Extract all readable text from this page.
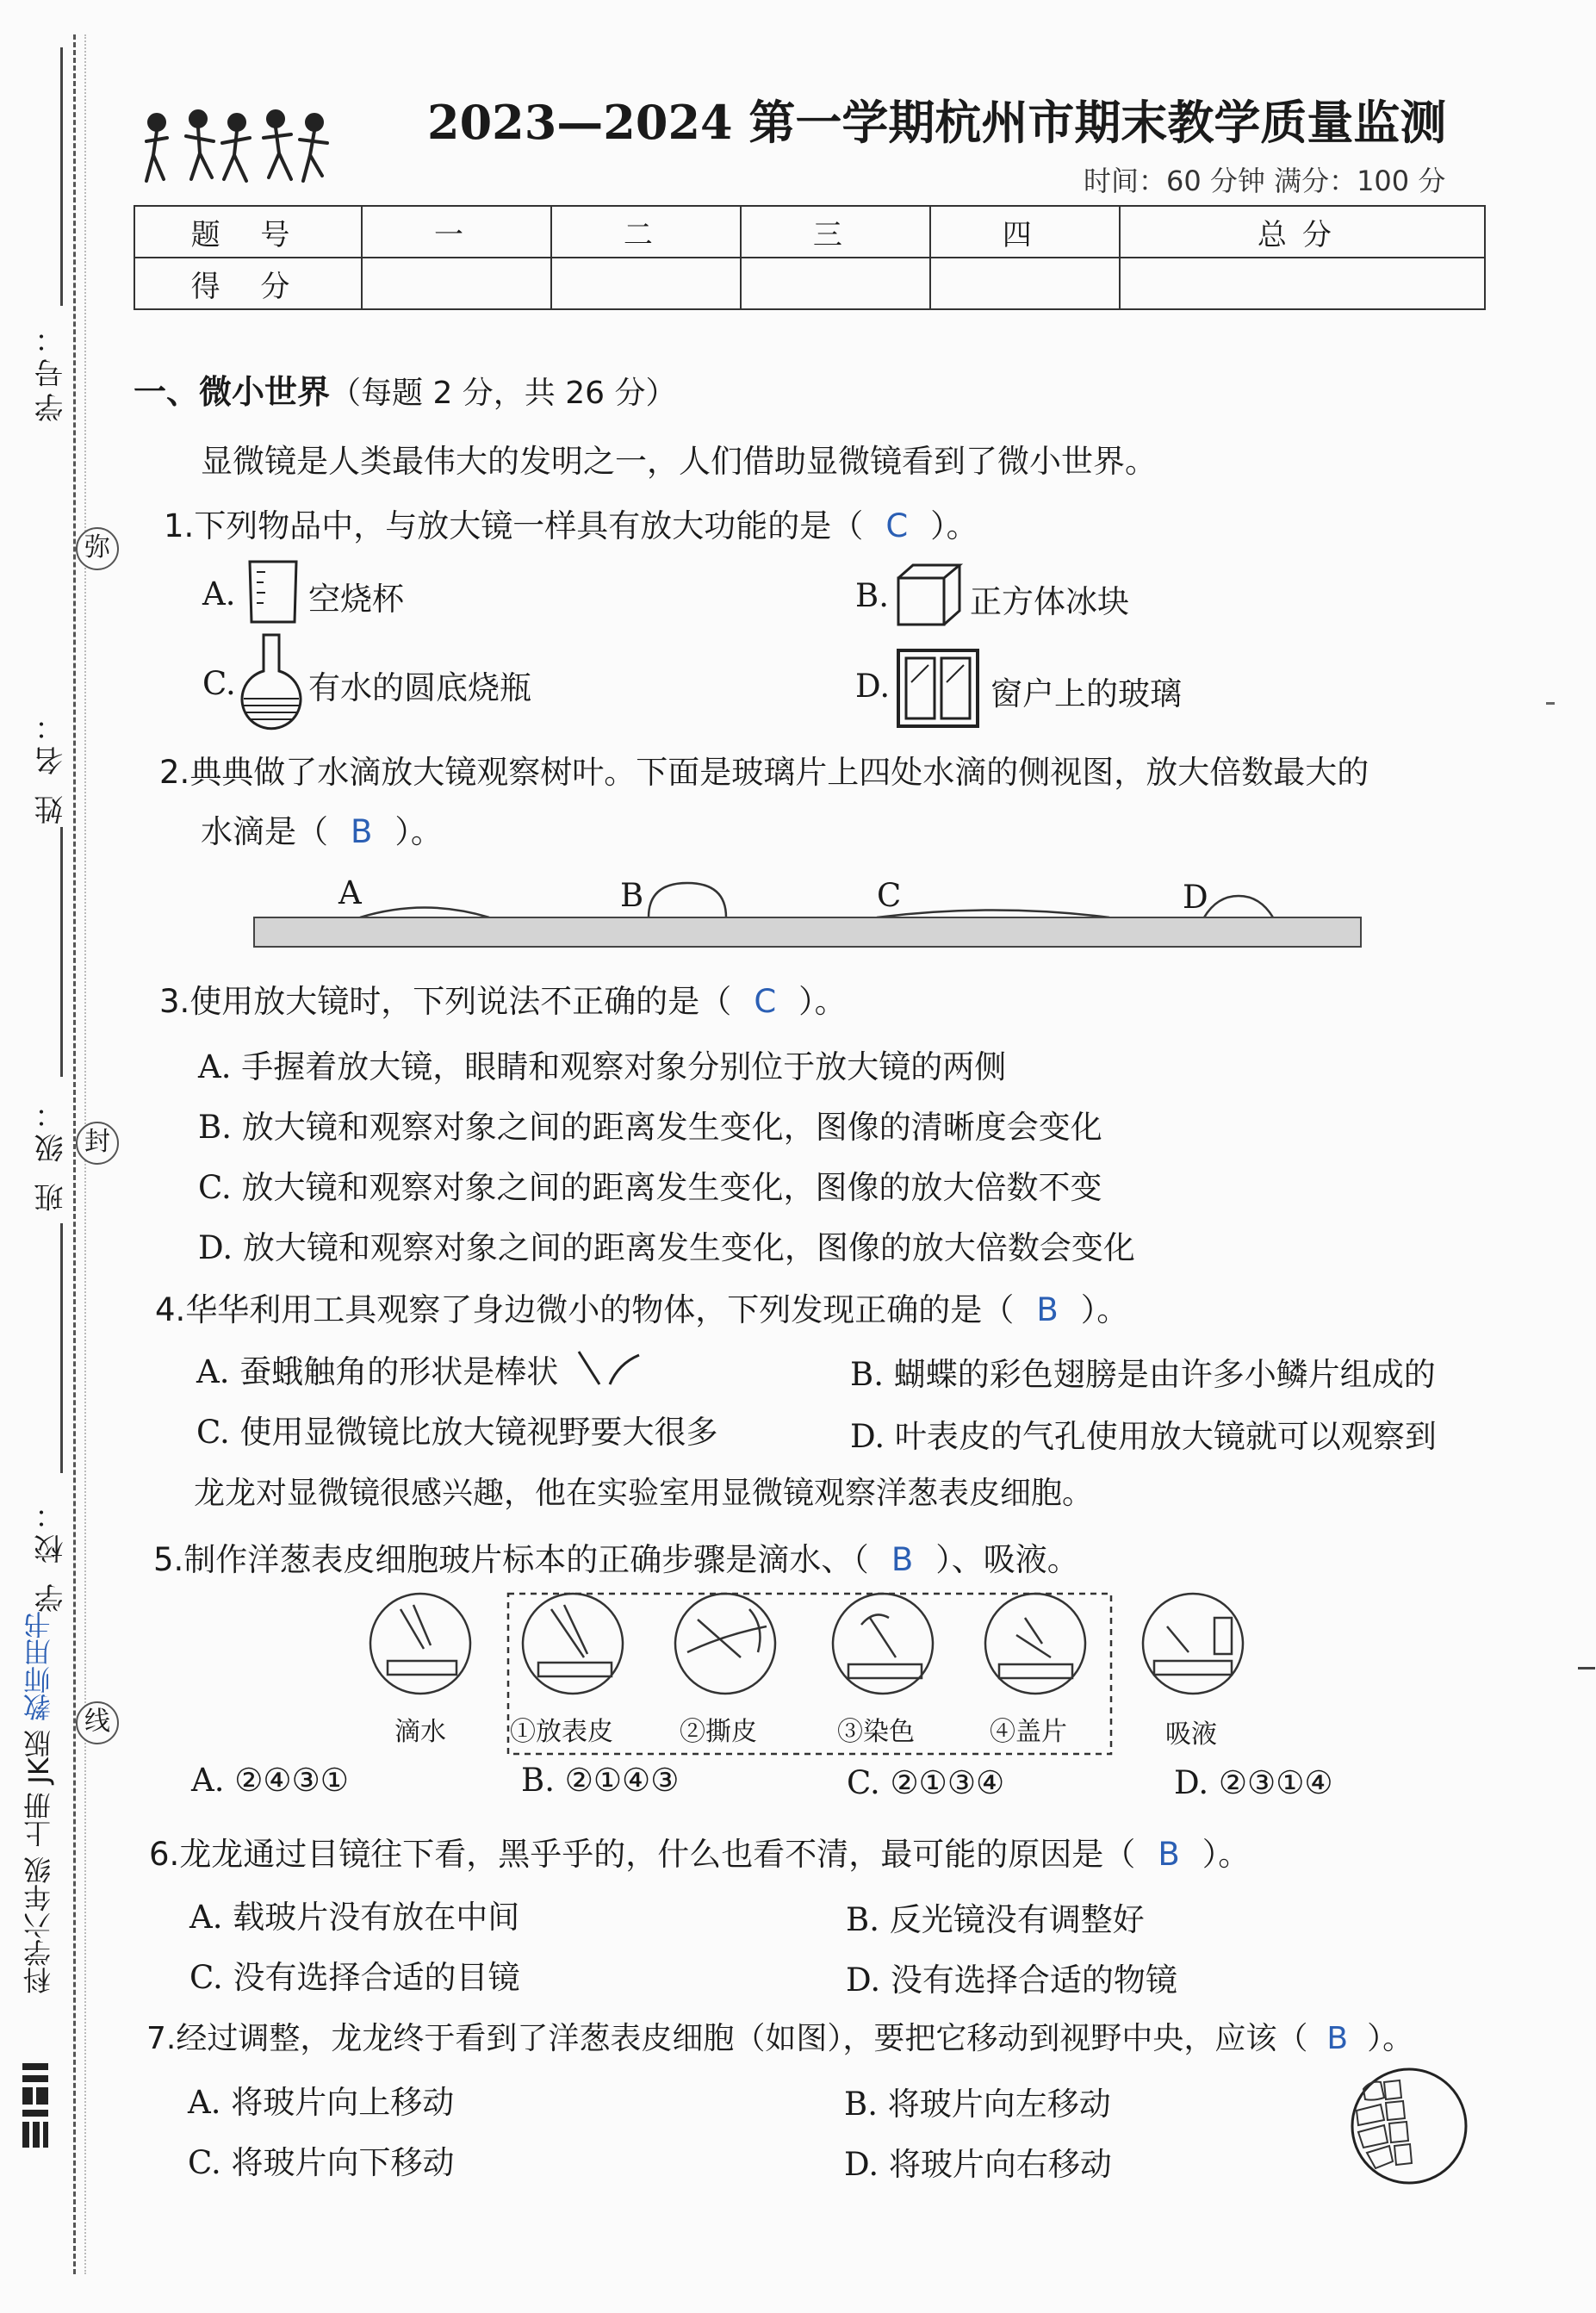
学号：
弥
姓 名：
班 级： 封
学 校：
线
科学六年级 上册 JK版 教师用书
2023—2024 第一学期杭州市期末教学质量监测
时间：60 分钟 满分：100 分
题 号	一	二	三	四	总分
得 分					
一、微小世界（每题 2 分，共 26 分）
显微镜是人类最伟大的发明之一，人们借助显微镜看到了微小世界。
1.下列物品中，与放大镜一样具有放大功能的是（ C ）。
A. 空烧杯	B.	正方体冰块
C. 有水的圆底烧瓶	D.	窗户上的玻璃
2.典典做了水滴放大镜观察树叶。下面是玻璃片上四处水滴的侧视图，放大倍数最大的
水滴是（ B ）。
A	B	C	D
3.使用放大镜时，下列说法不正确的是（ C ）。
A. 手握着放大镜，眼睛和观察对象分别位于放大镜的两侧
B. 放大镜和观察对象之间的距离发生变化，图像的清晰度会变化
C. 放大镜和观察对象之间的距离发生变化，图像的放大倍数不变
D. 放大镜和观察对象之间的距离发生变化，图像的放大倍数会变化
4.华华利用工具观察了身边微小的物体，下列发现正确的是（ B ）。
A. 蚕蛾触角的形状是棒状	B. 蝴蝶的彩色翅膀是由许多小鳞片组成的
C. 使用显微镜比放大镜视野要大很多	D. 叶表皮的气孔使用放大镜就可以观察到
龙龙对显微镜很感兴趣，他在实验室用显微镜观察洋葱表皮细胞。
5.制作洋葱表皮细胞玻片标本的正确步骤是滴水、（ B ）、吸液。
滴水 ①放表皮	②撕皮	③染色	④盖片	吸液
A. ②④③①	B. ②①④③	C. ②①③④	D. ②③①④
6.龙龙通过目镜往下看，黑乎乎的，什么也看不清，最可能的原因是（ B ）。
A. 载玻片没有放在中间	B. 反光镜没有调整好
C. 没有选择合适的目镜	D. 没有选择合适的物镜
7.经过调整，龙龙终于看到了洋葱表皮细胞（如图），要把它移动到视野中央，应该（ B ）。
A. 将玻片向上移动	B. 将玻片向左移动
C. 将玻片向下移动	D. 将玻片向右移动
